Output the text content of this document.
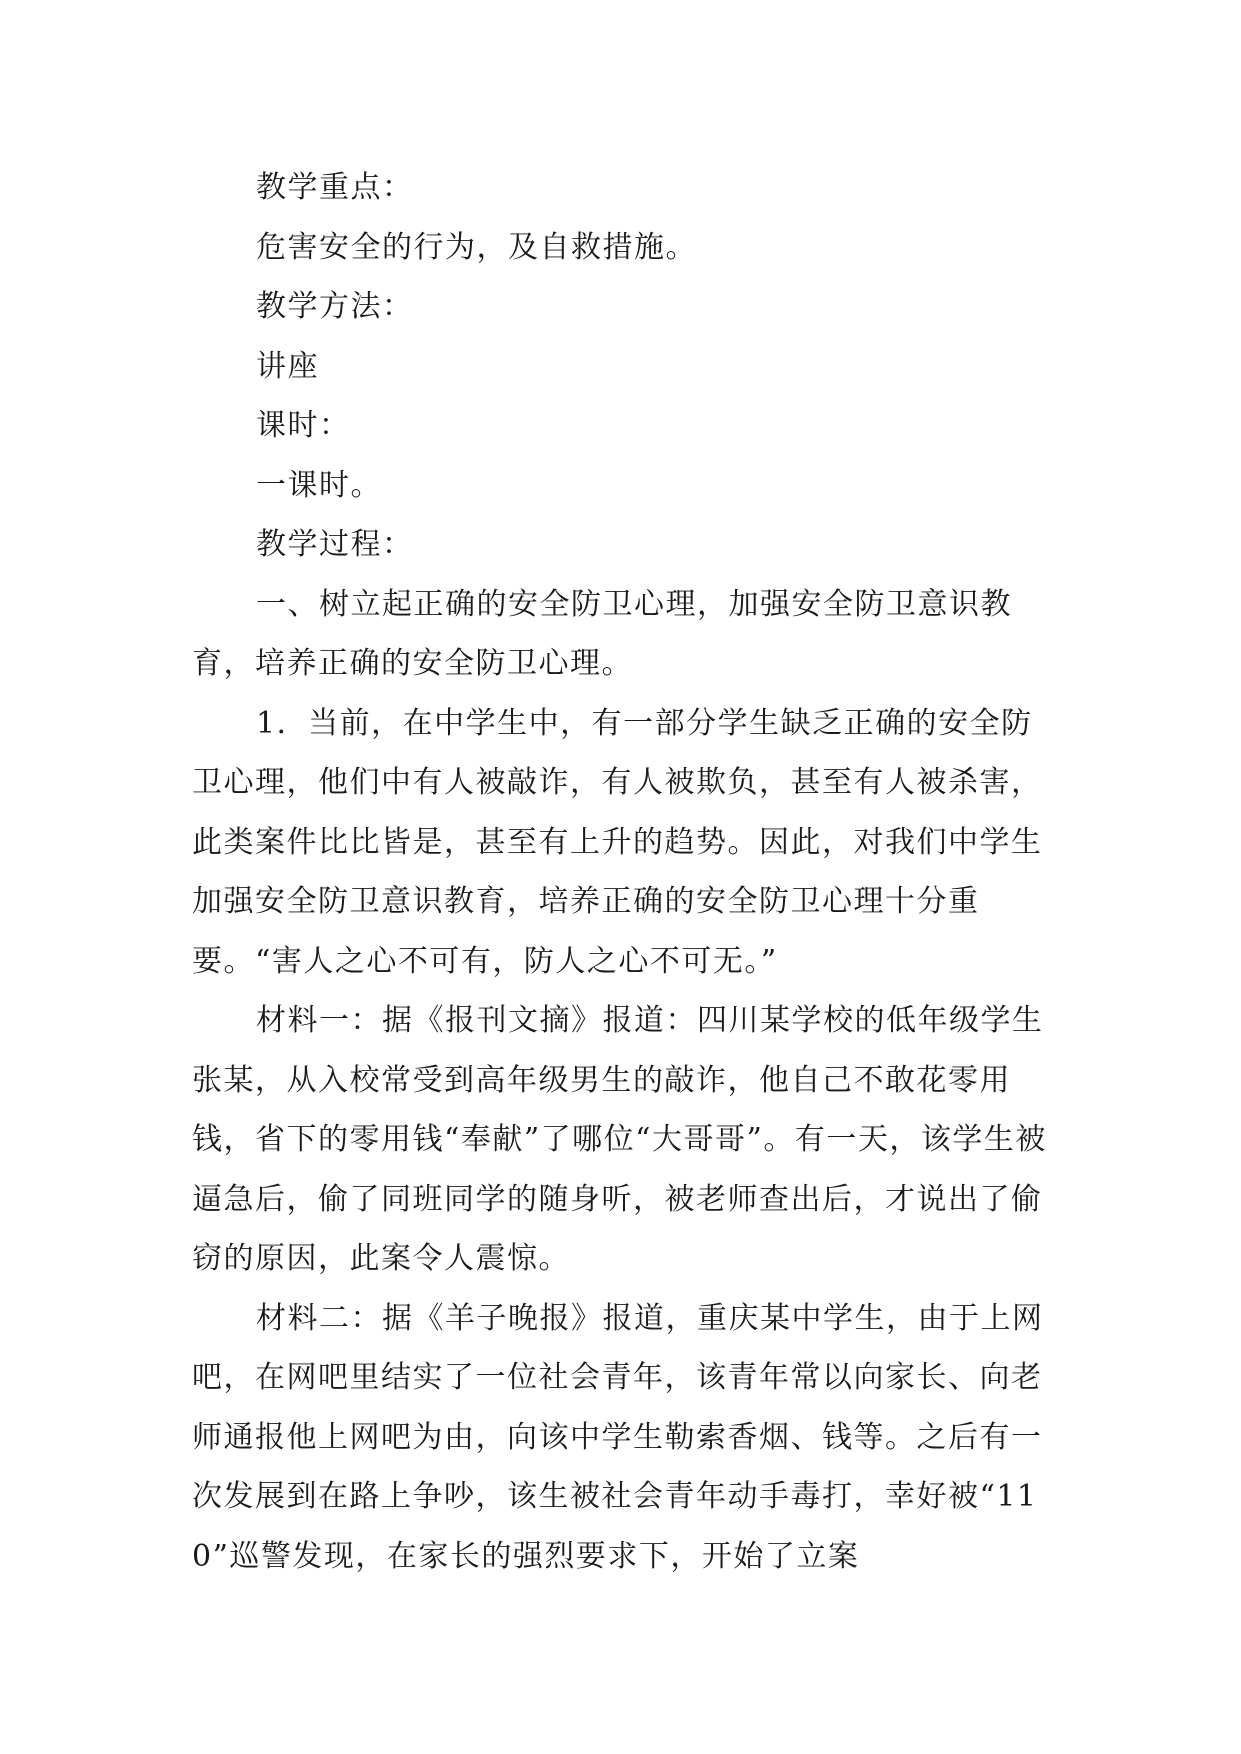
教学重点：

危害安全的行为，及自救措施。

教学方法：

讲座

课时：

一课时。

教学过程：

一、树立起正确的安全防卫心理，加强安全防卫意识教育，培养正确的安全防卫心理。

1．当前，在中学生中，有一部分学生缺乏正确的安全防卫心理，他们中有人被敲诈，有人被欺负，甚至有人被杀害，此类案件比比皆是，甚至有上升的趋势。因此，对我们中学生加强安全防卫意识教育，培养正确的安全防卫心理十分重要。“害人之心不可有，防人之心不可无。”

材料一：据《报刊文摘》报道：四川某学校的低年级学生张某，从入校常受到高年级男生的敲诈，他自己不敢花零用钱，省下的零用钱“奉献”了哪位“大哥哥”。有一天，该学生被逼急后，偷了同班同学的随身听，被老师查出后，才说出了偷窃的原因，此案令人震惊。

材料二：据《羊子晚报》报道，重庆某中学生，由于上网吧，在网吧里结实了一位社会青年，该青年常以向家长、向老师通报他上网吧为由，向该中学生勒索香烟、钱等。之后有一次发展到在路上争吵，该生被社会青年动手毒打，幸好被“110”巡警发现，在家长的强烈要求下，开始了立案
